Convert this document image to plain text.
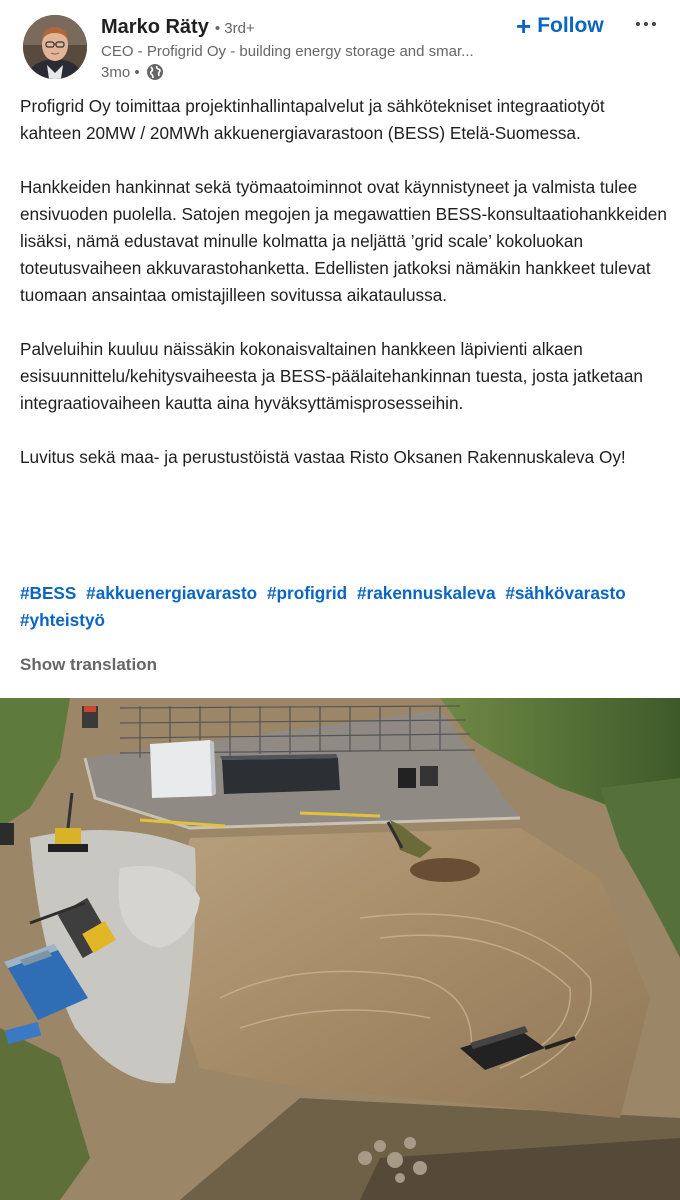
Marko Räty • 3rd+
CEO - Profigrid Oy - building energy storage and smar...
3mo •
+ Follow

Profigrid Oy toimittaa projektinhallintapalvelut ja sähkötekniset integraatiotyöt kahteen 20MW / 20MWh akkuenergiavarastoon (BESS) Etelä-Suomessa.

Hankkeiden hankinnat sekä työmaatoiminnot ovat käynnistyneet ja valmista tulee ensivuoden puolella. Satojen megojen ja megawattien BESS-konsultaatiohankkeiden lisäksi, nämä edustavat minulle kolmatta ja neljättä ’grid scale’ kokoluokan toteutusvaiheen akkuvarastohanketta. Edellisten jatkoksi nämäkin hankkeet tulevat tuomaan ansaintaa omistajilleen sovitussa aikataulussa.

Palveluihin kuuluu näissäkin kokonaisvaltainen hankkeen läpivienti alkaen esisuunnittelu/kehitysvaiheesta ja BESS-päälaitehankinnan tuesta, josta jatketaan integraatiovaiheen kautta aina hyväksyttämisprosesseihin.

Luvitus sekä maa- ja perustustöistä vastaa Risto Oksanen Rakennuskaleva Oy!

#BESS #akkuenergiavarasto #profigrid #rakennuskaleva #sähkövarasto #yhteistyö
Show translation
